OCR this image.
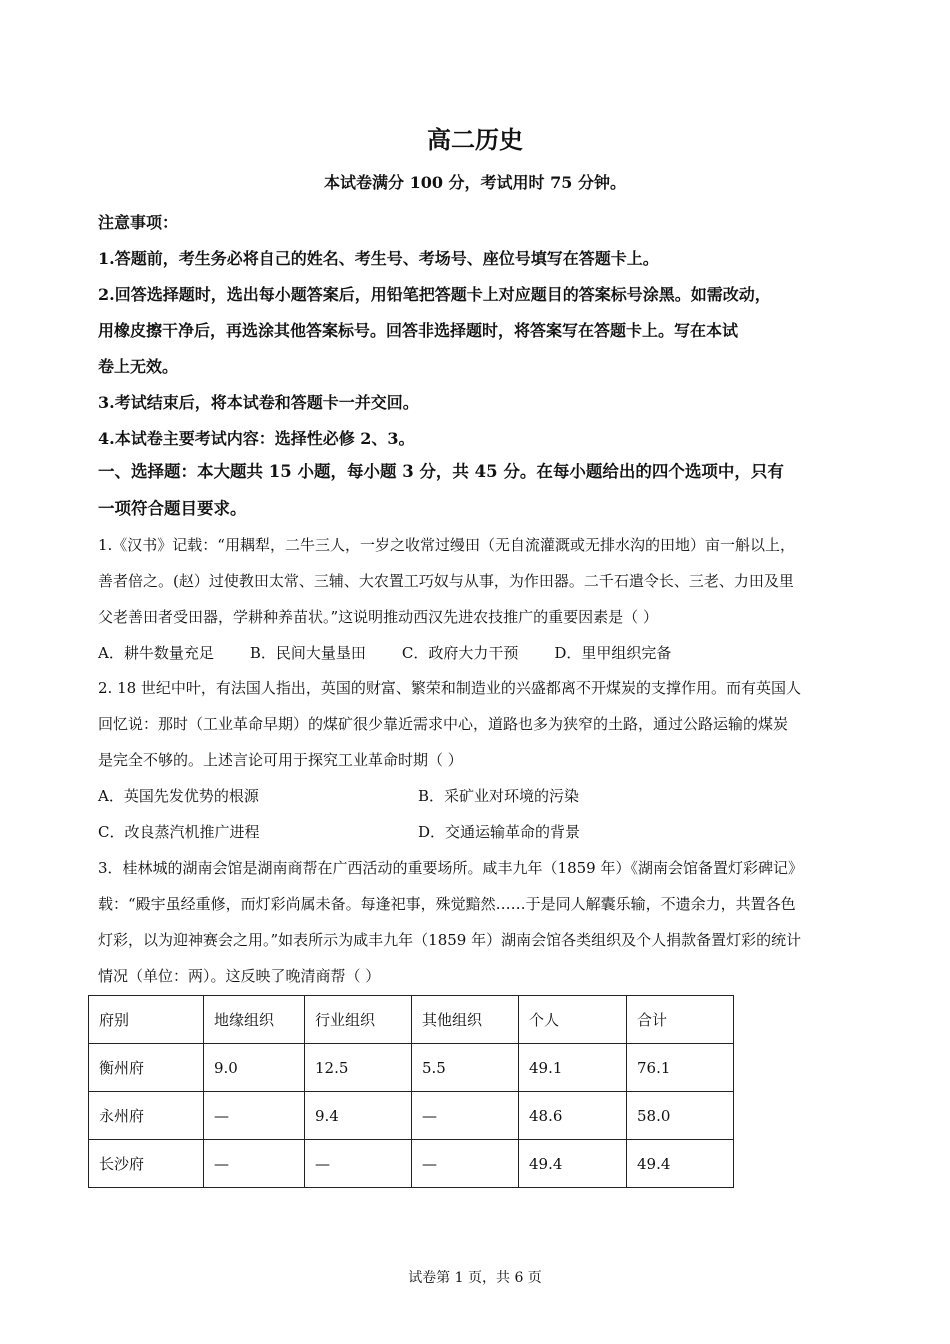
高二历史
本试卷满分 100 分，考试用时 75 分钟。

注意事项：

1.答题前，考生务必将自己的姓名、考生号、考场号、座位号填写在答题卡上。

2.回答选择题时，选出每小题答案后，用铅笔把答题卡上对应题目的答案标号涂黑。如需改动，

用橡皮擦干净后，再选涂其他答案标号。回答非选择题时，将答案写在答题卡上。写在本试

卷上无效。

3.考试结束后，将本试卷和答题卡一并交回。

4.本试卷主要考试内容：选择性必修 2、3。

一、选择题：本大题共 15 小题，每小题 3 分，共 45 分。在每小题给出的四个选项中，只有

一项符合题目要求。

1.《汉书》记载：“用耦犁，二牛三人，一岁之收常过缦田（无自流灌溉或无排水沟的田地）亩一斛以上，

善者倍之。(赵）过使教田太常、三辅、大农置工巧奴与从事，为作田器。二千石遣令长、三老、力田及里

父老善田者受田器，学耕种养苗状。”这说明推动西汉先进农技推广的重要因素是（ ）

A．耕牛数量充足 B．民间大量垦田 C．政府大力干预 D．里甲组织完备

2. 18 世纪中叶，有法国人指出，英国的财富、繁荣和制造业的兴盛都离不开煤炭的支撑作用。而有英国人

回忆说：那时（工业革命早期）的煤矿很少靠近需求中心，道路也多为狭窄的土路，通过公路运输的煤炭

是完全不够的。上述言论可用于探究工业革命时期（ ）

A．英国先发优势的根源	B．采矿业对环境的污染
C．改良蒸汽机推广进程	D．交通运输革命的背景

3．桂林城的湖南会馆是湖南商帮在广西活动的重要场所。咸丰九年（1859 年）《湖南会馆备置灯彩碑记》

载：“殿宇虽经重修，而灯彩尚属未备。每逢祀事，殊觉黯然……于是同人解囊乐输，不遗余力，共置各色

灯彩，以为迎神赛会之用。”如表所示为咸丰九年（1859 年）湖南会馆各类组织及个人捐款备置灯彩的统计

情况（单位：两）。这反映了晚清商帮（ ）

府别	地缘组织	行业组织	其他组织	个人	合计
衡州府	9.0	12.5	5.5	49.1	76.1
永州府	—	9.4	—	48.6	58.0
长沙府	—	—	—	49.4	49.4
试卷第 1 页，共 6 页
